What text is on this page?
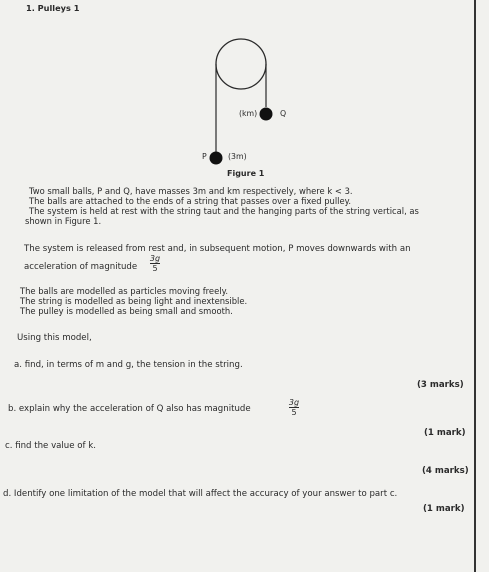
1. Pulleys 1
(km)	Q
P	(3m)
Figure 1
Two small balls, P and Q, have masses 3m and km respectively, where k < 3.
The balls are attached to the ends of a string that passes over a fixed pulley.
The system is held at rest with the string taut and the hanging parts of the string vertical, as
shown in Figure 1.
The system is released from rest and, in subsequent motion, P moves downwards with an
acceleration of magnitude
3g
5
The balls are modelled as particles moving freely.
The string is modelled as being light and inextensible.
The pulley is modelled as being small and smooth.
Using this model,
a. find, in terms of m and g, the tension in the string.
(3 marks)
b. explain why the acceleration of Q also has magnitude
3g
5
(1 mark)
c. find the value of k.
(4 marks)
d. Identify one limitation of the model that will affect the accuracy of your answer to part c.
(1 mark)
